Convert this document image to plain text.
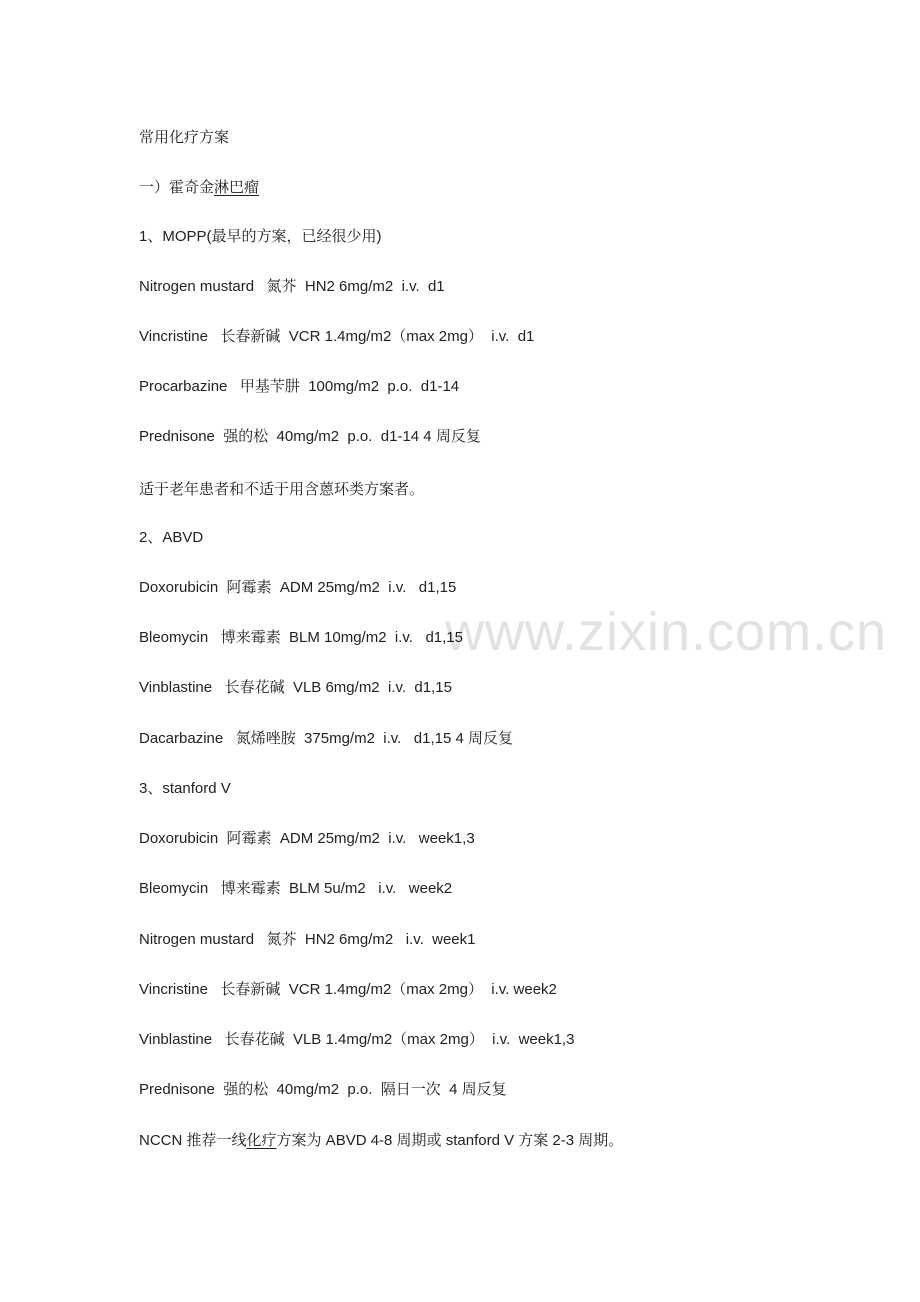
www.zixin.com.cn
常用化疗方案
一）霍奇金淋巴瘤
1、MOPP(最早的方案，已经很少用)
Nitrogen mustard   氮芥  HN2 6mg/m2  i.v.  d1
Vincristine   长春新碱  VCR 1.4mg/m2（max 2mg）  i.v.  d1
Procarbazine   甲基苄肼  100mg/m2  p.o.  d1-14
Prednisone  强的松  40mg/m2  p.o.  d1-14 4 周反复
适于老年患者和不适于用含蒽环类方案者。
2、ABVD
Doxorubicin  阿霉素  ADM 25mg/m2  i.v.   d1,15
Bleomycin   博来霉素  BLM 10mg/m2  i.v.   d1,15
Vinblastine   长春花碱  VLB 6mg/m2  i.v.  d1,15
Dacarbazine   氮烯唑胺  375mg/m2  i.v.   d1,15 4 周反复
3、stanford V
Doxorubicin  阿霉素  ADM 25mg/m2  i.v.   week1,3
Bleomycin   博来霉素  BLM 5u/m2   i.v.   week2
Nitrogen mustard   氮芥  HN2 6mg/m2   i.v.  week1
Vincristine   长春新碱  VCR 1.4mg/m2（max 2mg）  i.v. week2
Vinblastine   长春花碱  VLB 1.4mg/m2（max 2mg）  i.v.  week1,3
Prednisone  强的松  40mg/m2  p.o.  隔日一次  4 周反复
NCCN 推荐一线化疗方案为 ABVD 4-8 周期或 stanford V 方案 2-3 周期。
